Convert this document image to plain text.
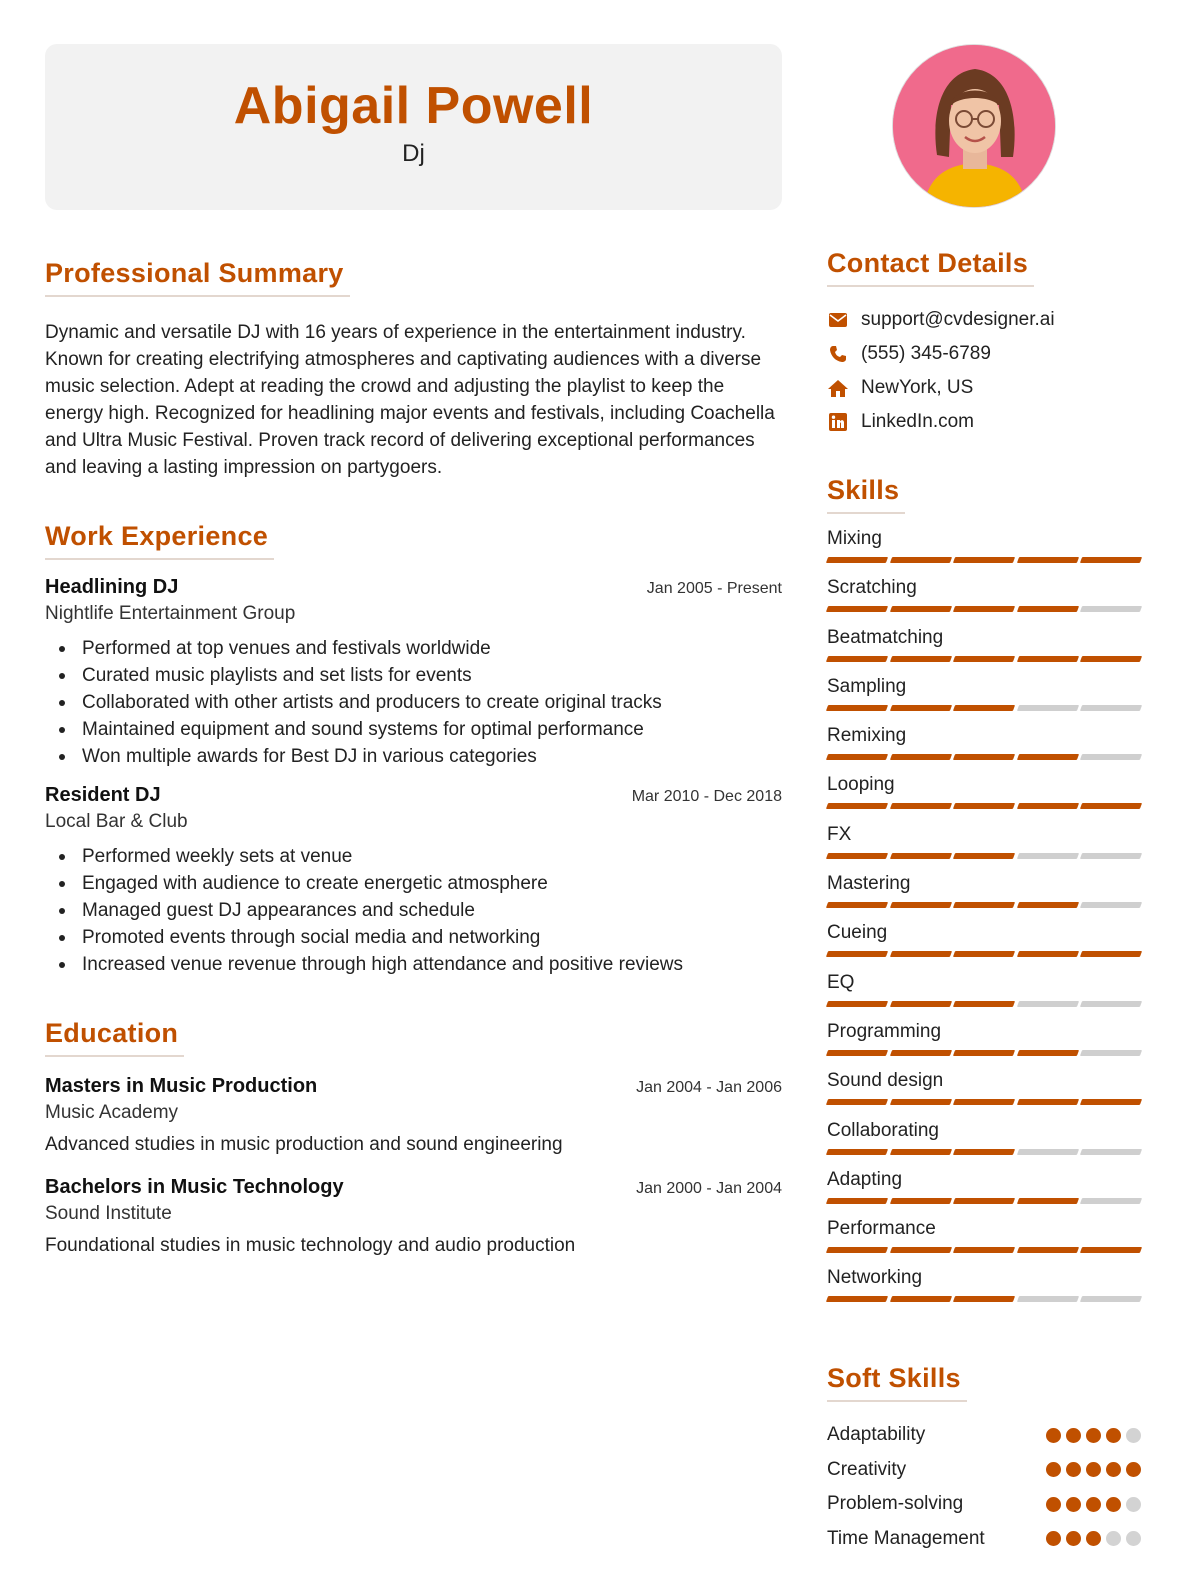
Abigail Powell
Dj
Professional Summary

Dynamic and versatile DJ with 16 years of experience in the entertainment industry. Known for creating electrifying atmospheres and captivating audiences with a diverse music selection. Adept at reading the crowd and adjusting the playlist to keep the energy high. Recognized for headlining major events and festivals, including Coachella and Ultra Music Festival. Proven track record of delivering exceptional performances and leaving a lasting impression on partygoers.

Work Experience
Headlining DJ	Jan 2005 - Present
Nightlife Entertainment Group
Performed at top venues and festivals worldwide
Curated music playlists and set lists for events
Collaborated with other artists and producers to create original tracks
Maintained equipment and sound systems for optimal performance
Won multiple awards for Best DJ in various categories
Resident DJ	Mar 2010 - Dec 2018
Local Bar & Club
Performed weekly sets at venue
Engaged with audience to create energetic atmosphere
Managed guest DJ appearances and schedule
Promoted events through social media and networking
Increased venue revenue through high attendance and positive reviews
Education
Masters in Music Production	Jan 2004 - Jan 2006
Music Academy
Advanced studies in music production and sound engineering
Bachelors in Music Technology	Jan 2000 - Jan 2004
Sound Institute
Foundational studies in music technology and audio production
Contact Details
support@cvdesigner.ai
(555) 345-6789
NewYork, US
LinkedIn.com
Skills
Mixing
Scratching
Beatmatching
Sampling
Remixing
Looping
FX
Mastering
Cueing
EQ
Programming
Sound design
Collaborating
Adapting
Performance
Networking
Soft Skills
Adaptability
Creativity
Problem-solving
Time Management
